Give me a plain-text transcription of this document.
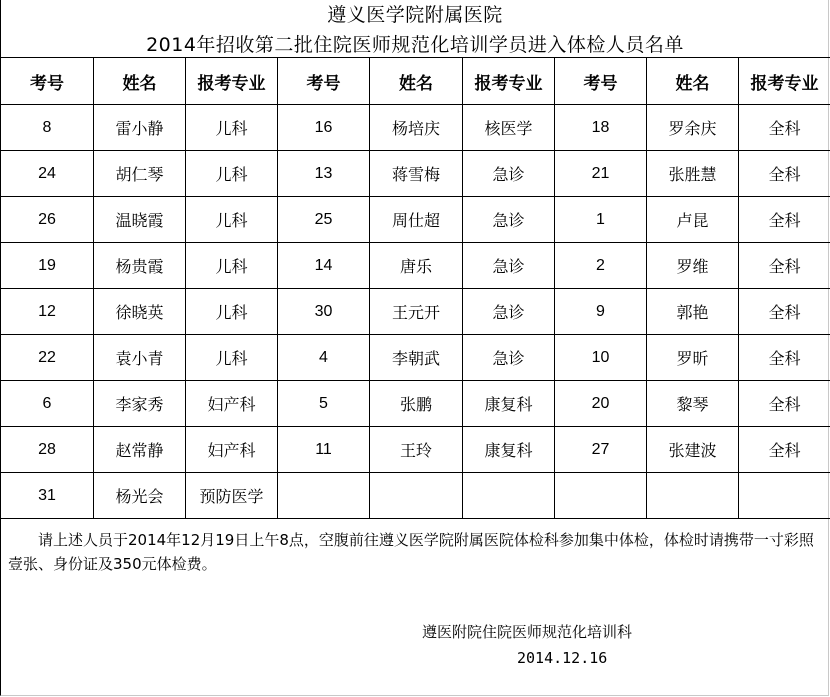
遵义医学院附属医院
2014年招收第二批住院医师规范化培训学员进入体检人员名单
考号	姓名	报考专业	考号	姓名	报考专业	考号	姓名	报考专业
8	雷小静	儿科	16	杨培庆	核医学	18	罗余庆	全科
24	胡仁琴	儿科	13	蒋雪梅	急诊	21	张胜慧	全科
26	温晓霞	儿科	25	周仕超	急诊	1	卢昆	全科
19	杨贵霞	儿科	14	唐乐	急诊	2	罗维	全科
12	徐晓英	儿科	30	王元开	急诊	9	郭艳	全科
22	袁小青	儿科	4	李朝武	急诊	10	罗昕	全科
6	李家秀	妇产科	5	张鹏	康复科	20	黎琴	全科
28	赵常静	妇产科	11	王玲	康复科	27	张建波	全科
31	杨光会	预防医学						
请上述人员于2014年12月19日上午8点，空腹前往遵义医学院附属医院体检科参加集中体检，体检时请携带一寸彩照壹张、身份证及350元体检费。
遵医附院住院医师规范化培训科
2014.12.16
